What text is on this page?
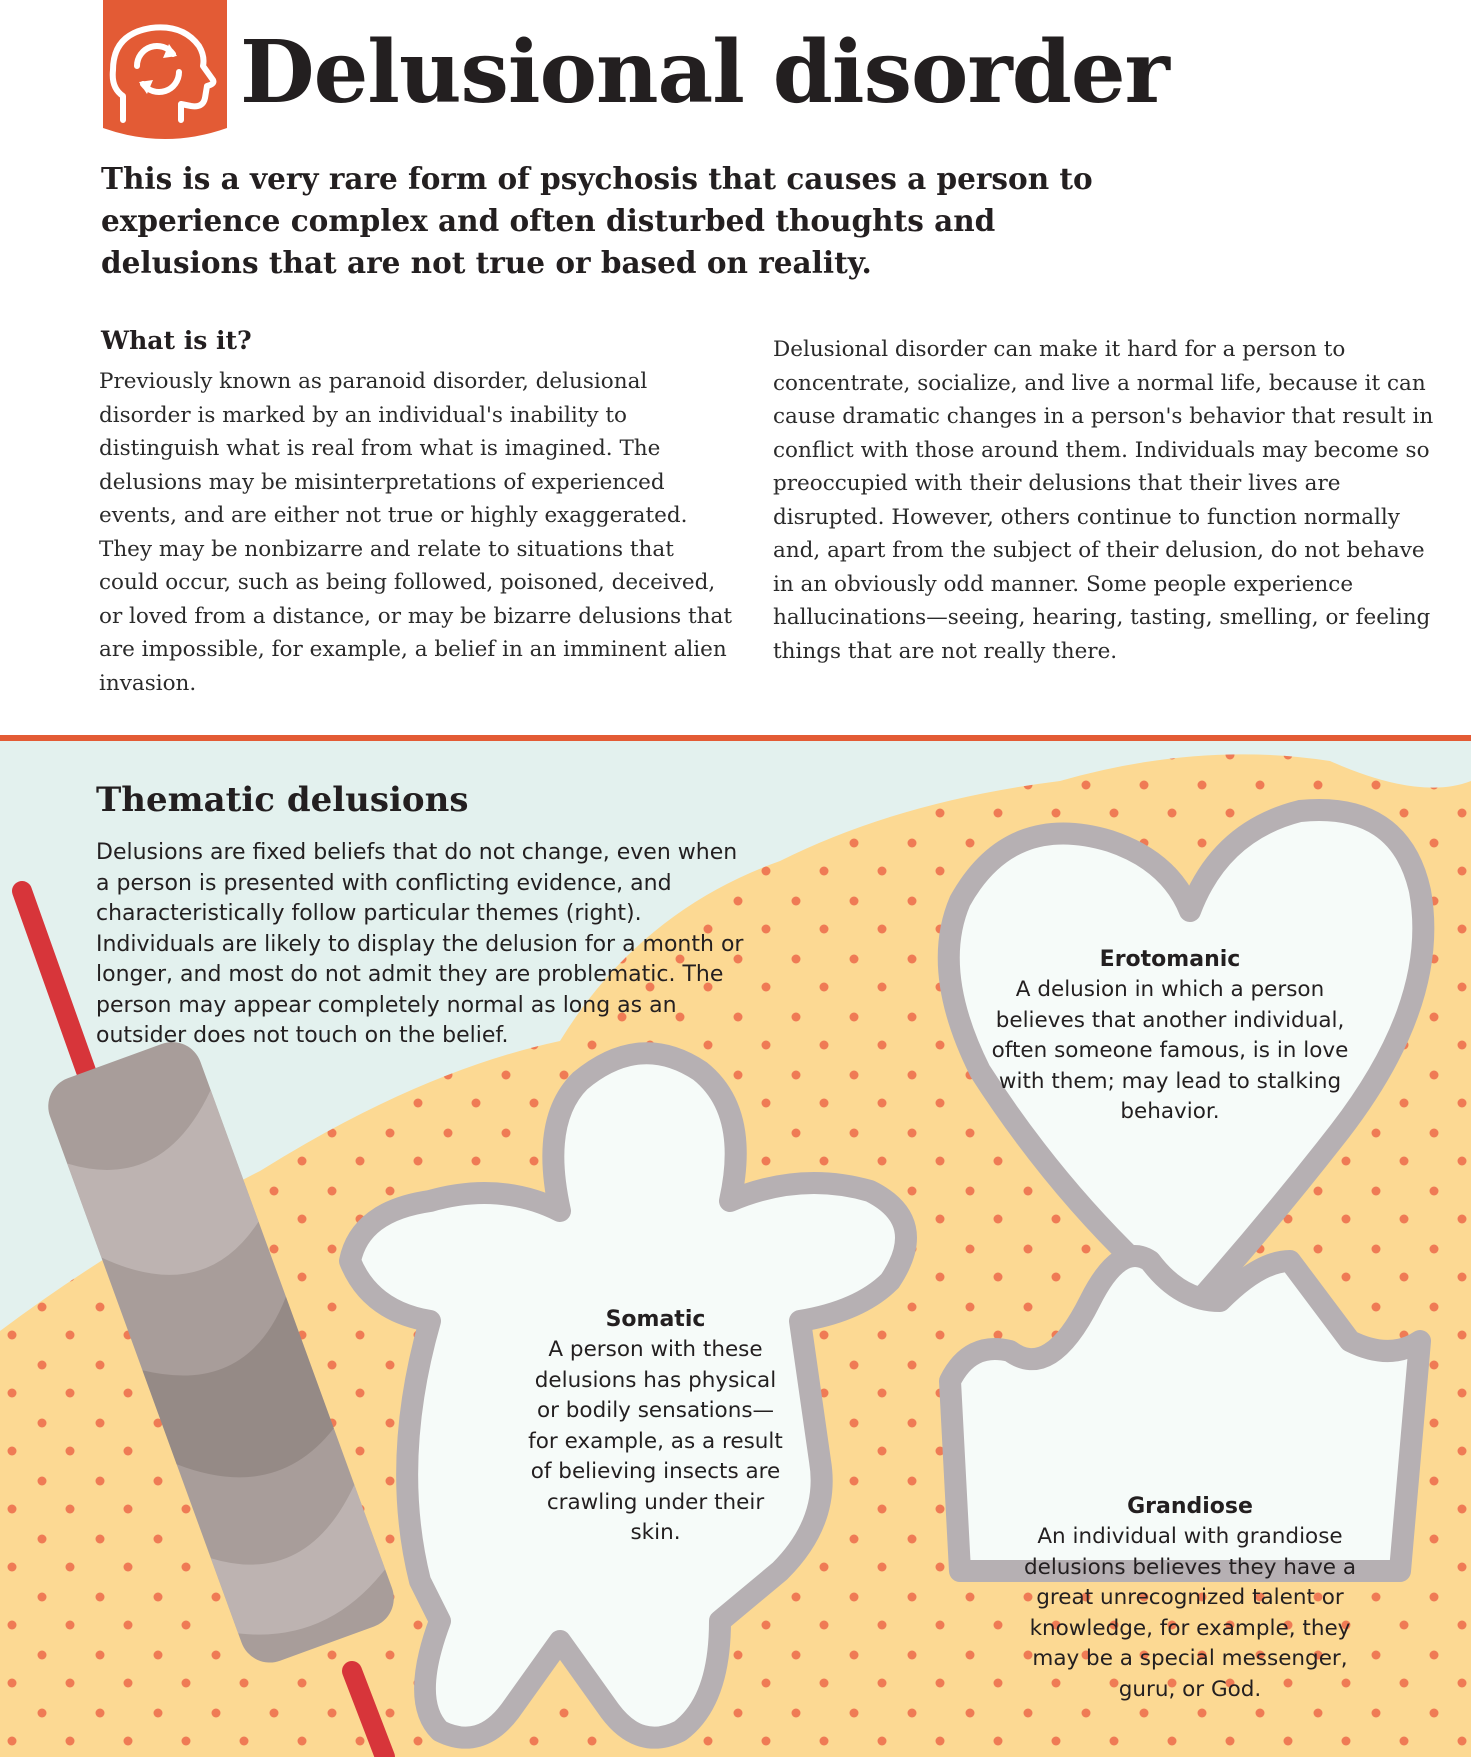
Delusional disorder

This is a very rare form of psychosis that causes a person to experience complex and often disturbed thoughts and delusions that are not true or based on reality.

What is it?

Previously known as paranoid disorder, delusional disorder is marked by an individual's inability to distinguish what is real from what is imagined. The delusions may be misinterpretations of experienced events, and are either not true or highly exaggerated. They may be nonbizarre and relate to situations that could occur, such as being followed, poisoned, deceived, or loved from a distance, or may be bizarre delusions that are impossible, for example, a belief in an imminent alien invasion.

Delusional disorder can make it hard for a person to concentrate, socialize, and live a normal life, because it can cause dramatic changes in a person's behavior that result in conflict with those around them. Individuals may become so preoccupied with their delusions that their lives are disrupted. However, others continue to function normally and, apart from the subject of their delusion, do not behave in an obviously odd manner. Some people experience hallucinations—seeing, hearing, tasting, smelling, or feeling things that are not really there.

Thematic delusions

Delusions are fixed beliefs that do not change, even when a person is presented with conflicting evidence, and characteristically follow particular themes (right). Individuals are likely to display the delusion for a month or longer, and most do not admit they are problematic. The person may appear completely normal as long as an outsider does not touch on the belief.

Erotomanic

A delusion in which a person believes that another individual, often someone famous, is in love with them; may lead to stalking behavior.

Somatic

A person with these delusions has physical or bodily sensations—for example, as a result of believing insects are crawling under their skin.

Grandiose

An individual with grandiose delusions believes they have a great unrecognized talent or knowledge, for example, they may be a special messenger, guru, or God.
